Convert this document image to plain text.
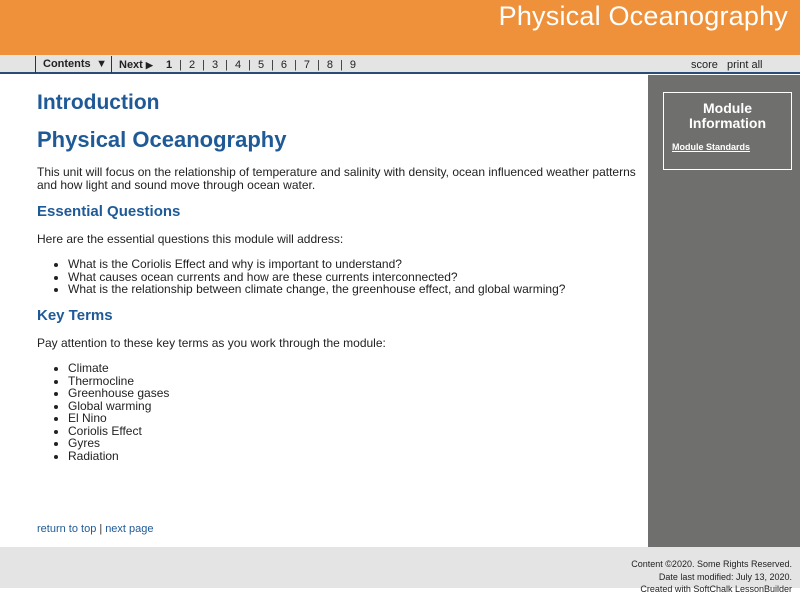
Physical Oceanography
Contents ▼ Next ▶ 1 | 2 | 3 | 4 | 5 | 6 | 7 | 8 | 9	score print all
Module
Information
Module Standards
Introduction
Physical Oceanography

This unit will focus on the relationship of temperature and salinity with density, ocean influenced weather patterns and how light and sound move through ocean water.

Essential Questions

Here are the essential questions this module will address:

• What is the Coriolis Effect and why is important to understand?
• What causes ocean currents and how are these currents interconnected?
• What is the relationship between climate change, the greenhouse effect, and global warming?
Key Terms

Pay attention to these key terms as you work through the module:

• Climate
• Thermocline
• Greenhouse gases
• Global warming
• El Nino
• Coriolis Effect
• Gyres
• Radiation
return to top | next page
Content ©2020. Some Rights Reserved.
Date last modified: July 13, 2020.
Created with SoftChalk LessonBuilder
